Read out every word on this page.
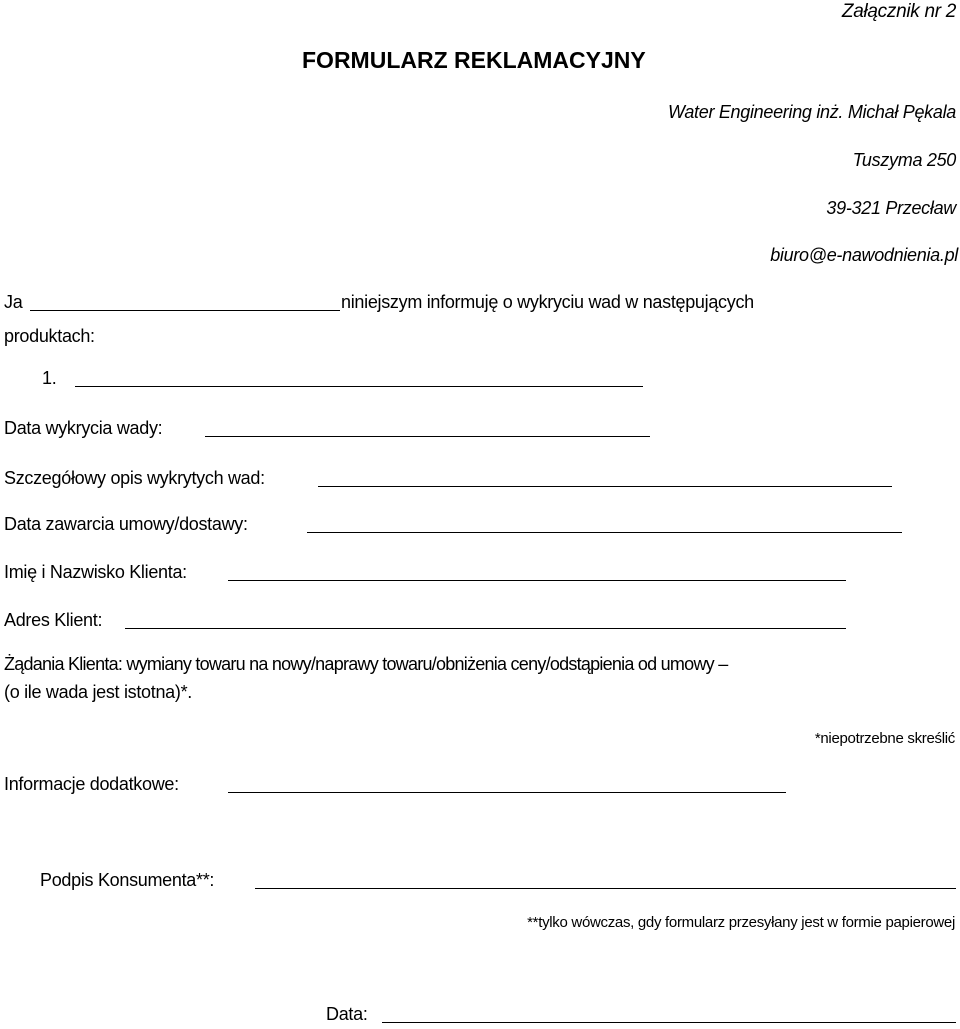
Załącznik nr 2
FORMULARZ REKLAMACYJNY
Water Engineering inż. Michał Pękala
Tuszyma 250
39-321 Przecław
biuro@e-nawodnienia.pl
Ja	niniejszym informuję o wykryciu wad w następujących
produktach:
1.
Data wykrycia wady:
Szczegółowy opis wykrytych wad:
Data zawarcia umowy/dostawy:
Imię i Nazwisko Klienta:
Adres Klient:
Żądania Klienta: wymiany towaru na nowy/naprawy towaru/obniżenia ceny/odstąpienia od umowy –
(o ile wada jest istotna)*.
*niepotrzebne skreślić
Informacje dodatkowe:
Podpis Konsumenta**:
**tylko wówczas, gdy formularz przesyłany jest w formie papierowej
Data:
